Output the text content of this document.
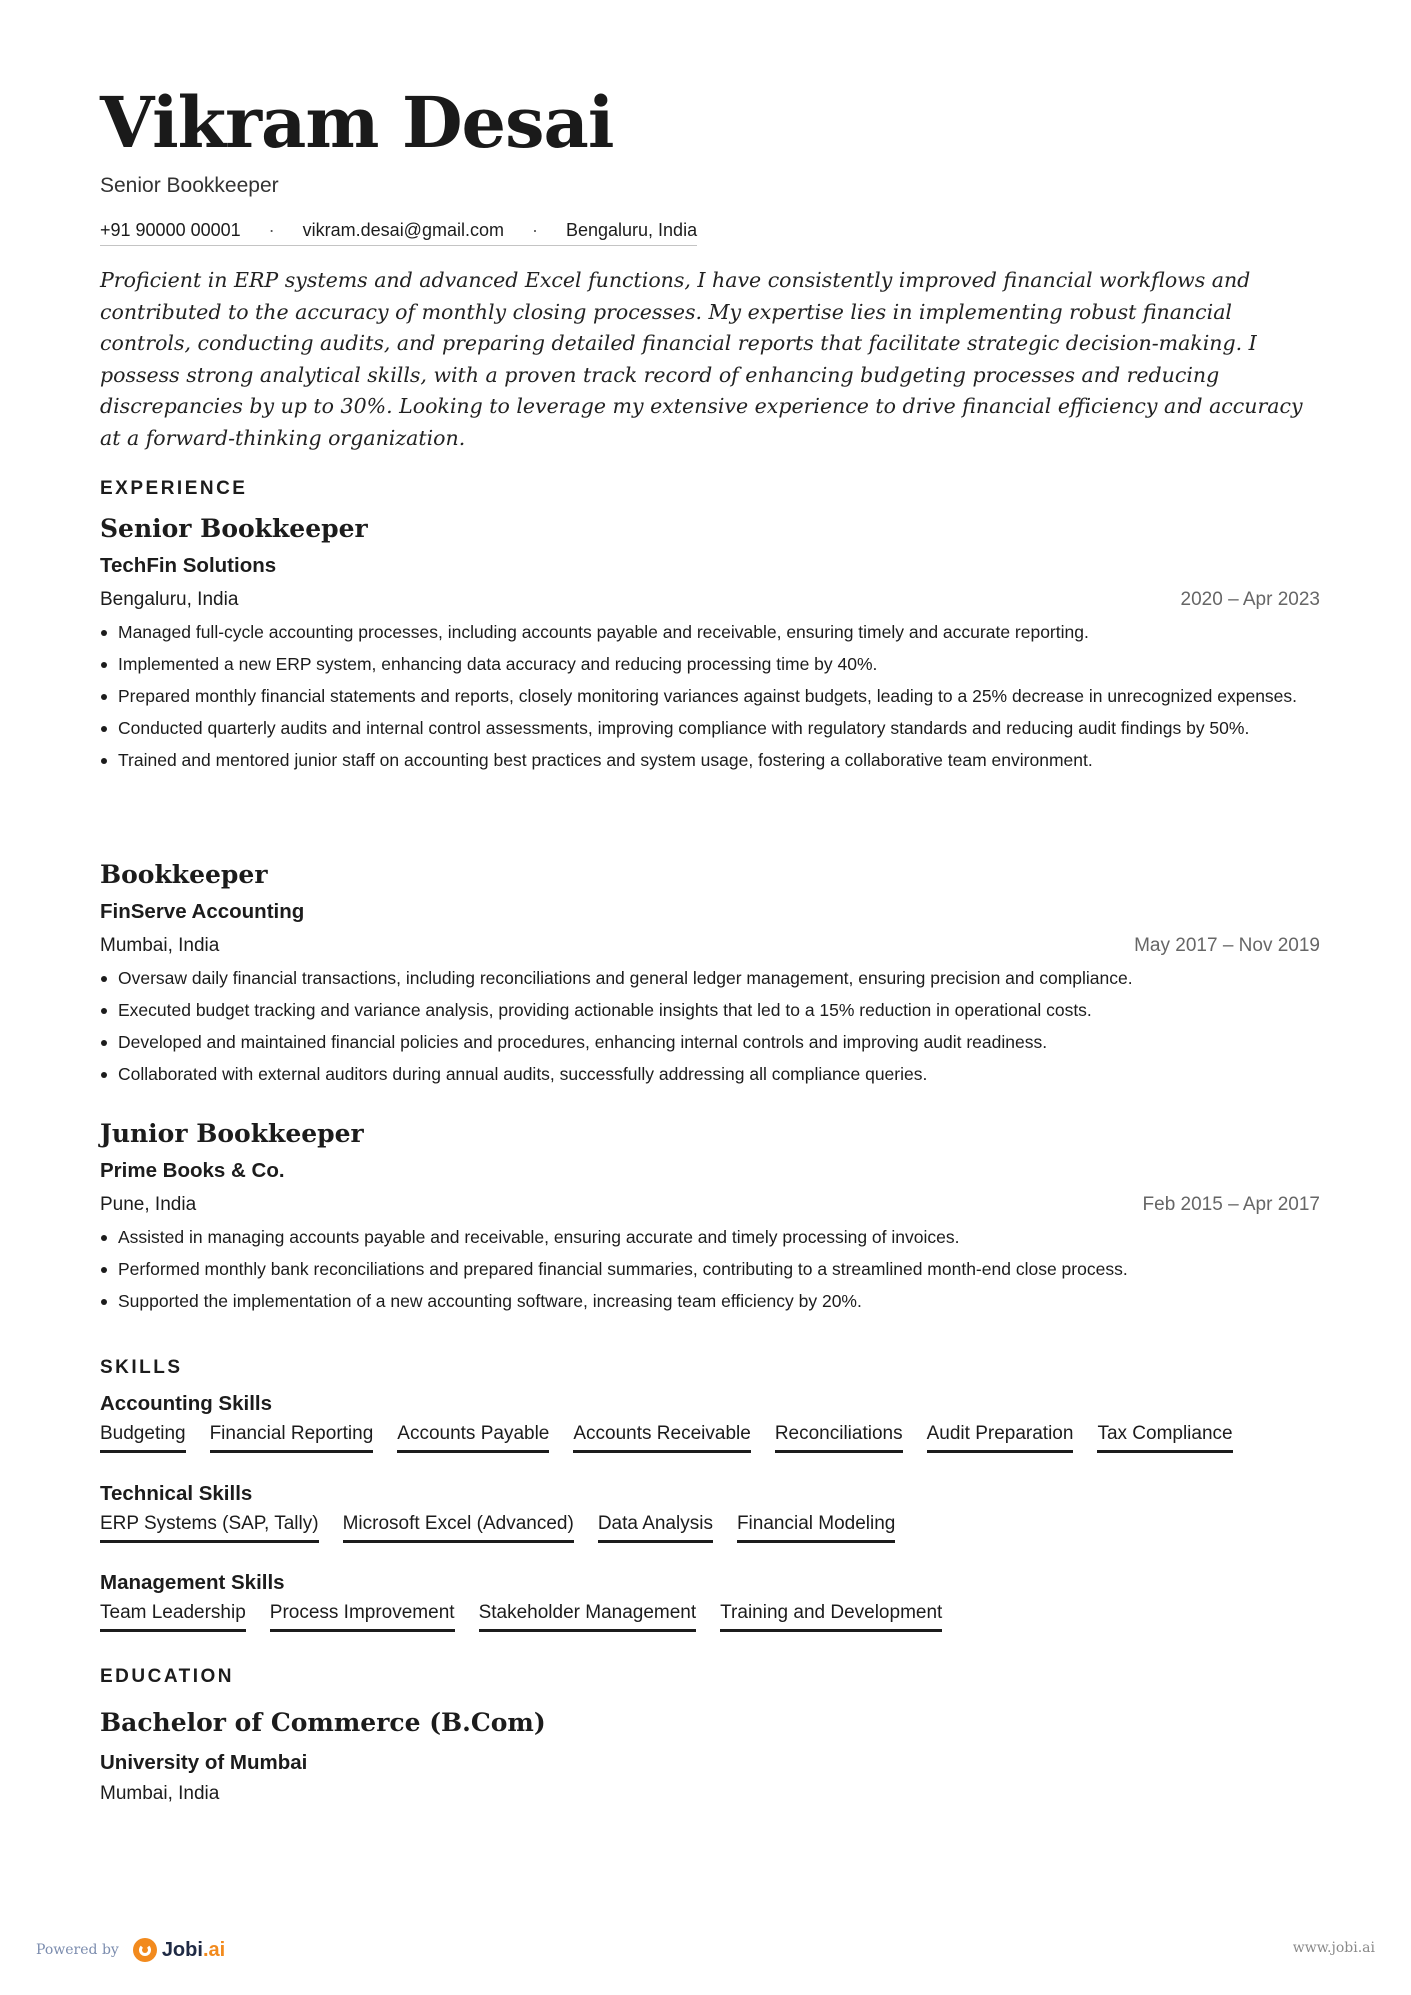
Vikram Desai
Senior Bookkeeper
+91 90000 00001 · vikram.desai@gmail.com · Bengaluru, India

Proficient in ERP systems and advanced Excel functions, I have consistently improved financial workflows and contributed to the accuracy of monthly closing processes. My expertise lies in implementing robust financial controls, conducting audits, and preparing detailed financial reports that facilitate strategic decision-making. I possess strong analytical skills, with a proven track record of enhancing budgeting processes and reducing discrepancies by up to 30%. Looking to leverage my extensive experience to drive financial efficiency and accuracy at a forward-thinking organization.

EXPERIENCE
Senior Bookkeeper
TechFin Solutions
Bengaluru, India	2020 – Apr 2023
Managed full-cycle accounting processes, including accounts payable and receivable, ensuring timely and accurate reporting.
Implemented a new ERP system, enhancing data accuracy and reducing processing time by 40%.
Prepared monthly financial statements and reports, closely monitoring variances against budgets, leading to a 25% decrease in unrecognized expenses.
Conducted quarterly audits and internal control assessments, improving compliance with regulatory standards and reducing audit findings by 50%.
Trained and mentored junior staff on accounting best practices and system usage, fostering a collaborative team environment.
Bookkeeper
FinServe Accounting
Mumbai, India	May 2017 – Nov 2019
Oversaw daily financial transactions, including reconciliations and general ledger management, ensuring precision and compliance.
Executed budget tracking and variance analysis, providing actionable insights that led to a 15% reduction in operational costs.
Developed and maintained financial policies and procedures, enhancing internal controls and improving audit readiness.
Collaborated with external auditors during annual audits, successfully addressing all compliance queries.
Junior Bookkeeper
Prime Books & Co.
Pune, India	Feb 2015 – Apr 2017
Assisted in managing accounts payable and receivable, ensuring accurate and timely processing of invoices.
Performed monthly bank reconciliations and prepared financial summaries, contributing to a streamlined month-end close process.
Supported the implementation of a new accounting software, increasing team efficiency by 20%.
SKILLS
Accounting Skills
Budgeting Financial Reporting Accounts Payable Accounts Receivable Reconciliations Audit Preparation Tax Compliance
Technical Skills
ERP Systems (SAP, Tally) Microsoft Excel (Advanced) Data Analysis Financial Modeling
Management Skills
Team Leadership Process Improvement Stakeholder Management Training and Development
EDUCATION
Bachelor of Commerce (B.Com)
University of Mumbai
Mumbai, India
Powered by Jobi .ai	www.jobi.ai
